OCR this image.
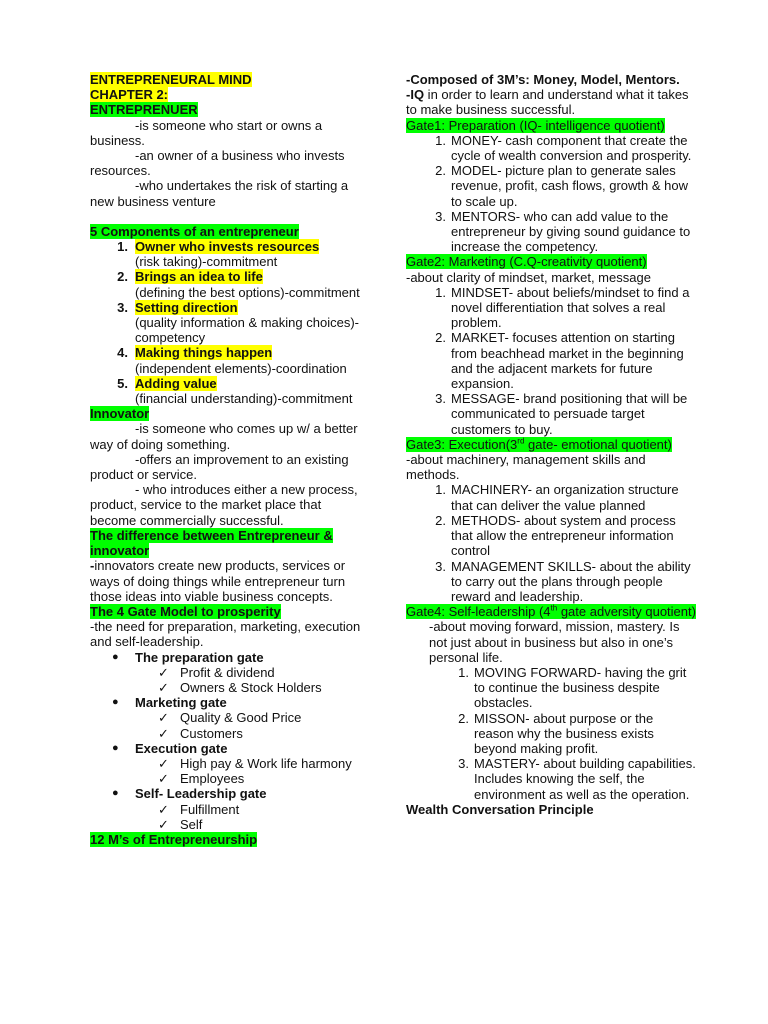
ENTREPRENEURAL MIND

CHAPTER 2:

ENTREPRENUER

-is someone who start or owns a business.

-an owner of a business who invests resources.

-who undertakes the risk of starting a new business venture

5 Components of an entrepreneur

1. Owner who invests resources
(risk taking)-commitment
2. Brings an idea to life
(defining the best options)-commitment
3. Setting direction
(quality information & making choices)-competency
4. Making things happen
(independent elements)-coordination
5. Adding value
(financial understanding)-commitment

Innovator

-is someone who comes up w/ a better way of doing something.

-offers an improvement to an existing product or service.

- who introduces either a new process, product, service to the market place that become commercially successful.

The difference between Entrepreneur & innovator

-innovators create new products, services or ways of doing things while entrepreneur turn those ideas into viable business concepts.

The 4 Gate Model to prosperity

-the need for preparation, marketing, execution and self-leadership.

● The preparation gate
✓ Profit & dividend
✓ Owners & Stock Holders
● Marketing gate
✓ Quality & Good Price
✓ Customers
● Execution gate
✓ High pay & Work life harmony
✓ Employees
● Self- Leadership gate
✓ Fulfillment
✓ Self

12 M’s of Entrepreneurship

-Composed of 3M’s: Money, Model, Mentors.

-IQ in order to learn and understand what it takes to make business successful.

Gate1: Preparation (IQ- intelligence quotient)

1. MONEY- cash component that create the cycle of wealth conversion and prosperity.
2. MODEL- picture plan to generate sales revenue, profit, cash flows, growth & how to scale up.
3. MENTORS- who can add value to the entrepreneur by giving sound guidance to increase the competency.

Gate2: Marketing (C.Q-creativity quotient)

-about clarity of mindset, market, message

1. MINDSET- about beliefs/mindset to find a novel differentiation that solves a real problem.
2. MARKET- focuses attention on starting from beachhead market in the beginning and the adjacent markets for future expansion.
3. MESSAGE- brand positioning that will be communicated to persuade target customers to buy.

Gate3: Execution(3rd gate- emotional quotient)

-about machinery, management skills and methods.

1. MACHINERY- an organization structure that can deliver the value planned
2. METHODS- about system and process that allow the entrepreneur information control
3. MANAGEMENT SKILLS- about the ability to carry out the plans through people reward and leadership.

Gate4: Self-leadership (4th gate adversity quotient)

-about moving forward, mission, mastery. Is not just about in business but also in one’s personal life.

1. MOVING FORWARD- having the grit to continue the business despite obstacles.
2. MISSON- about purpose or the reason why the business exists beyond making profit.
3. MASTERY- about building capabilities. Includes knowing the self, the environment as well as the operation.

Wealth Conversation Principle
